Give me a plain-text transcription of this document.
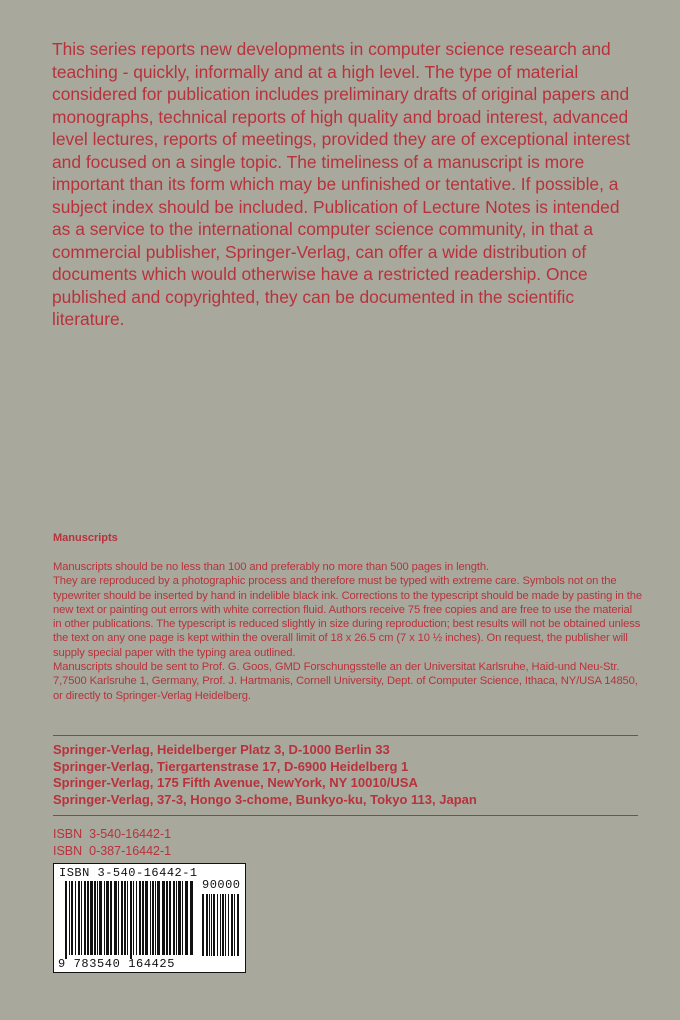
This series reports new developments in computer science research and teaching - quickly, informally and at a high level. The type of material considered for publication includes preliminary drafts of original papers and monographs, technical reports of high quality and broad interest, advanced level lectures, reports of meetings, provided they are of exceptional interest and focused on a single topic. The timeliness of a manuscript is more important than its form which may be unfinished or tentative. If possible, a subject index should be included. Publication of Lecture Notes is intended as a service to the international computer science community, in that a commercial publisher, Springer-Verlag, can offer a wide distribution of documents which would otherwise have a restricted readership. Once published and copyrighted, they can be documented in the scientific literature.

Manuscripts

Manuscripts should be no less than 100 and preferably no more than 500 pages in length.

They are reproduced by a photographic process and therefore must be typed with extreme care. Symbols not on the typewriter should be inserted by hand in indelible black ink. Corrections to the typescript should be made by pasting in the new text or painting out errors with white correction fluid. Authors receive 75 free copies and are free to use the material in other publications. The typescript is reduced slightly in size during reproduction; best results will not be obtained unless the text on any one page is kept within the overall limit of 18 x 26.5 cm (7 x 10 ½ inches). On request, the publisher will supply special paper with the typing area outlined.

Manuscripts should be sent to Prof. G. Goos, GMD Forschungsstelle an der Universitat Karlsruhe, Haid-und Neu-Str. 7,7500 Karlsruhe 1, Germany, Prof. J. Hartmanis, Cornell University, Dept. of Computer Science, Ithaca, NY/USA 14850, or directly to Springer-Verlag Heidelberg.

Springer-Verlag, Heidelberger Platz 3, D-1000 Berlin 33
Springer-Verlag, Tiergartenstrase 17, D-6900 Heidelberg 1
Springer-Verlag, 175 Fifth Avenue, NewYork, NY 10010/USA
Springer-Verlag, 37-3, Hongo 3-chome, Bunkyo-ku, Tokyo 113, Japan
ISBN  3-540-16442-1
ISBN  0-387-16442-1
ISBN 3-540-16442-1
90000
9 783540 164425
